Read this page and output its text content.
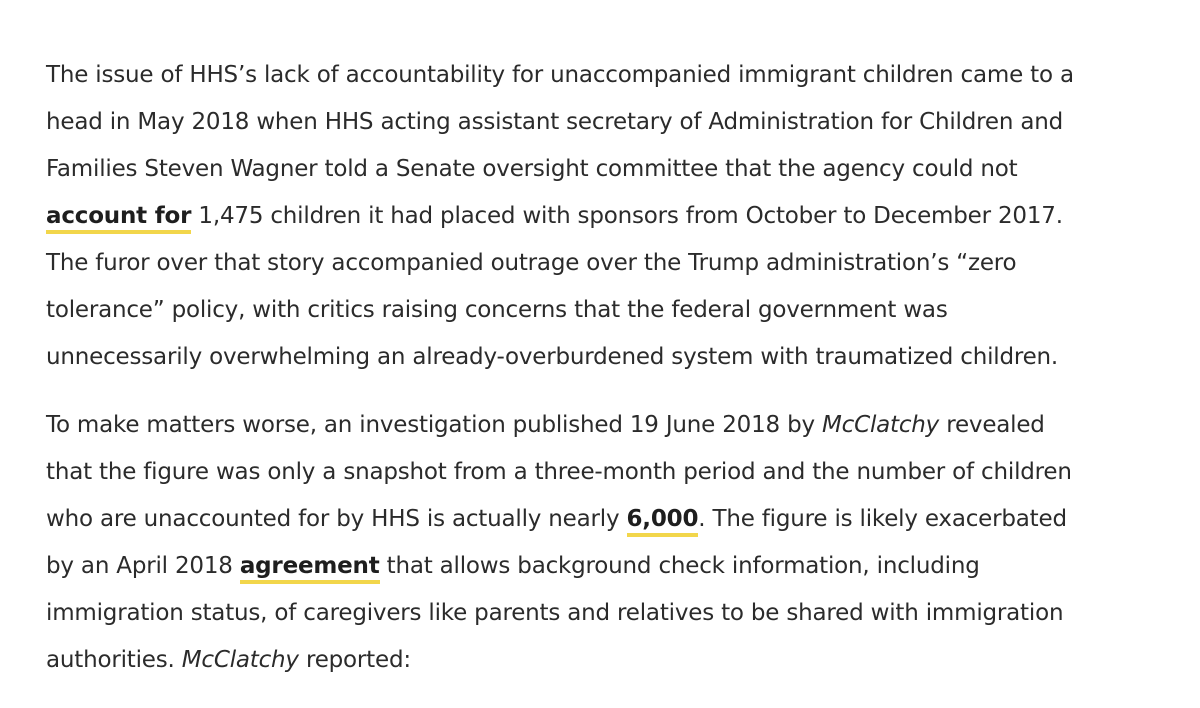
The issue of HHS’s lack of accountability for unaccompanied immigrant children came to a
head in May 2018 when HHS acting assistant secretary of Administration for Children and
Families Steven Wagner told a Senate oversight committee that the agency could not
account for 1,475 children it had placed with sponsors from October to December 2017.
The furor over that story accompanied outrage over the Trump administration’s “zero
tolerance” policy, with critics raising concerns that the federal government was
unnecessarily overwhelming an already-overburdened system with traumatized children.

To make matters worse, an investigation published 19 June 2018 by McClatchy revealed
that the figure was only a snapshot from a three-month period and the number of children
who are unaccounted for by HHS is actually nearly 6,000. The figure is likely exacerbated
by an April 2018 agreement that allows background check information, including
immigration status, of caregivers like parents and relatives to be shared with immigration
authorities. McClatchy reported:
